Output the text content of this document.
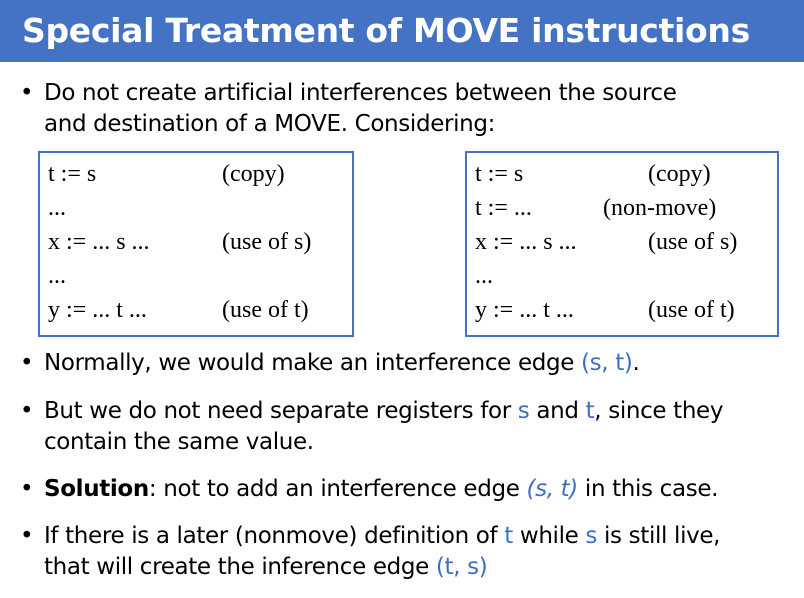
Special Treatment of MOVE instructions
• Do not create artificial interferences between the source
and destination of a MOVE. Considering:
t := s	(copy)
...
x := ... s ...	(use of s)
...
y := ... t ...	(use of t)
t := s	(copy)
t := ...	(non-move)
x := ... s ...	(use of s)
...
y := ... t ...	(use of t)
• Normally, we would make an interference edge (s, t).
• But we do not need separate registers for s and t, since they
contain the same value.
• Solution: not to add an interference edge (s, t) in this case.
• If there is a later (nonmove) definition of t while s is still live,
that will create the inference edge (t, s)
